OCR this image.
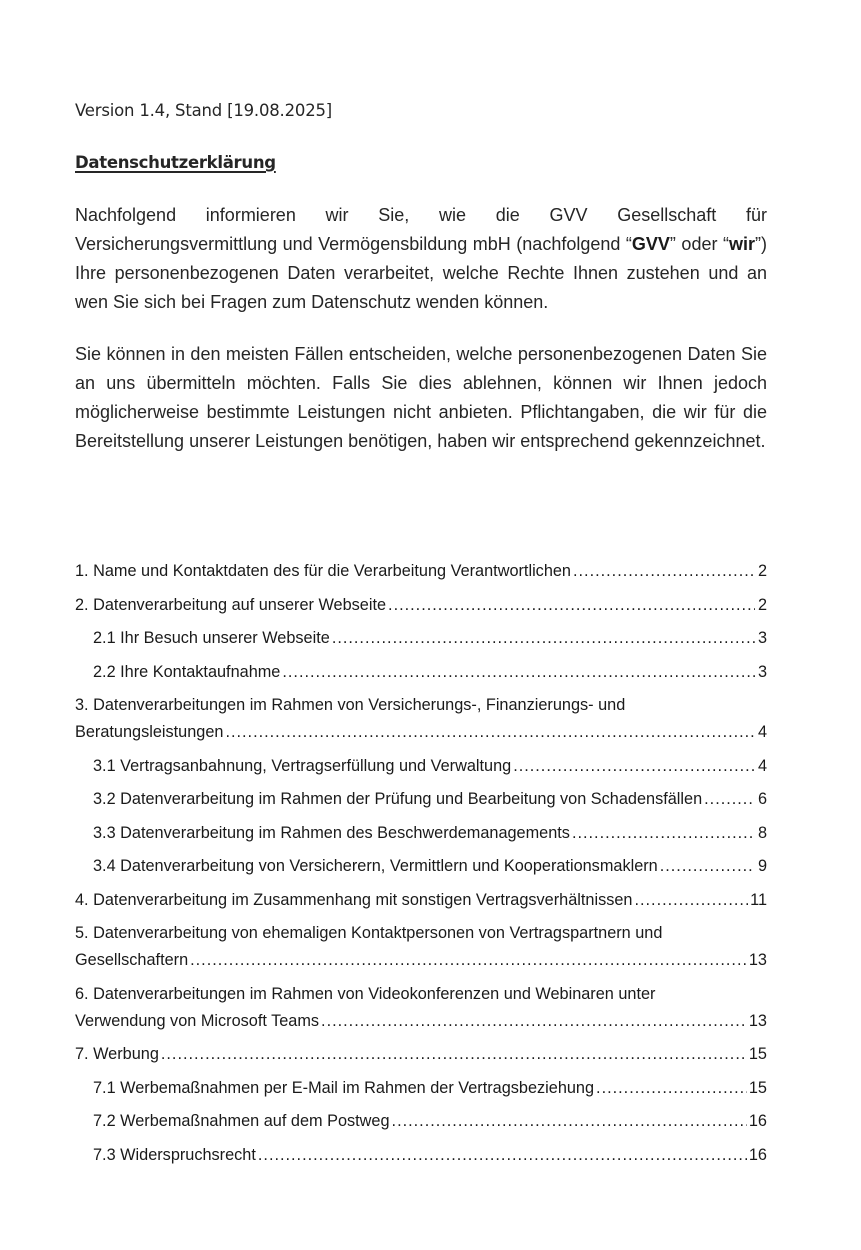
Version 1.4, Stand [19.08.2025]
Datenschutzerklärung

Nachfolgend informieren wir Sie, wie die GVV Gesellschaft für Versicherungsvermittlung und Vermögensbildung mbH (nachfolgend “GVV” oder “wir”) Ihre personenbezogenen Daten verarbeitet, welche Rechte Ihnen zustehen und an wen Sie sich bei Fragen zum Datenschutz wenden können.

Sie können in den meisten Fällen entscheiden, welche personenbezogenen Daten Sie an uns übermitteln möchten. Falls Sie dies ablehnen, können wir Ihnen jedoch möglicherweise bestimmte Leistungen nicht anbieten. Pflichtangaben, die wir für die Bereitstellung unserer Leistungen benötigen, haben wir entsprechend gekennzeichnet.

1. Name und Kontaktdaten des für die Verarbeitung Verantwortlichen .....	2
2. Datenverarbeitung auf unserer Webseite .....	2
2.1 Ihr Besuch unserer Webseite .....	3
2.2 Ihre Kontaktaufnahme .....	3
3. Datenverarbeitungen im Rahmen von Versicherungs-, Finanzierungs- und
Beratungsleistungen .....	4
3.1 Vertragsanbahnung, Vertragserfüllung und Verwaltung .....	4
3.2 Datenverarbeitung im Rahmen der Prüfung und Bearbeitung von Schadensfällen .....	6
3.3 Datenverarbeitung im Rahmen des Beschwerdemanagements .....	8
3.4 Datenverarbeitung von Versicherern, Vermittlern und Kooperationsmaklern .....	9
4. Datenverarbeitung im Zusammenhang mit sonstigen Vertragsverhältnissen .....	11
5. Datenverarbeitung von ehemaligen Kontaktpersonen von Vertragspartnern und
Gesellschaftern .....	13
6. Datenverarbeitungen im Rahmen von Videokonferenzen und Webinaren unter
Verwendung von Microsoft Teams .....	13
7. Werbung .....	15
7.1 Werbemaßnahmen per E-Mail im Rahmen der Vertragsbeziehung .....	15
7.2 Werbemaßnahmen auf dem Postweg .....	16
7.3 Widerspruchsrecht .....	16
